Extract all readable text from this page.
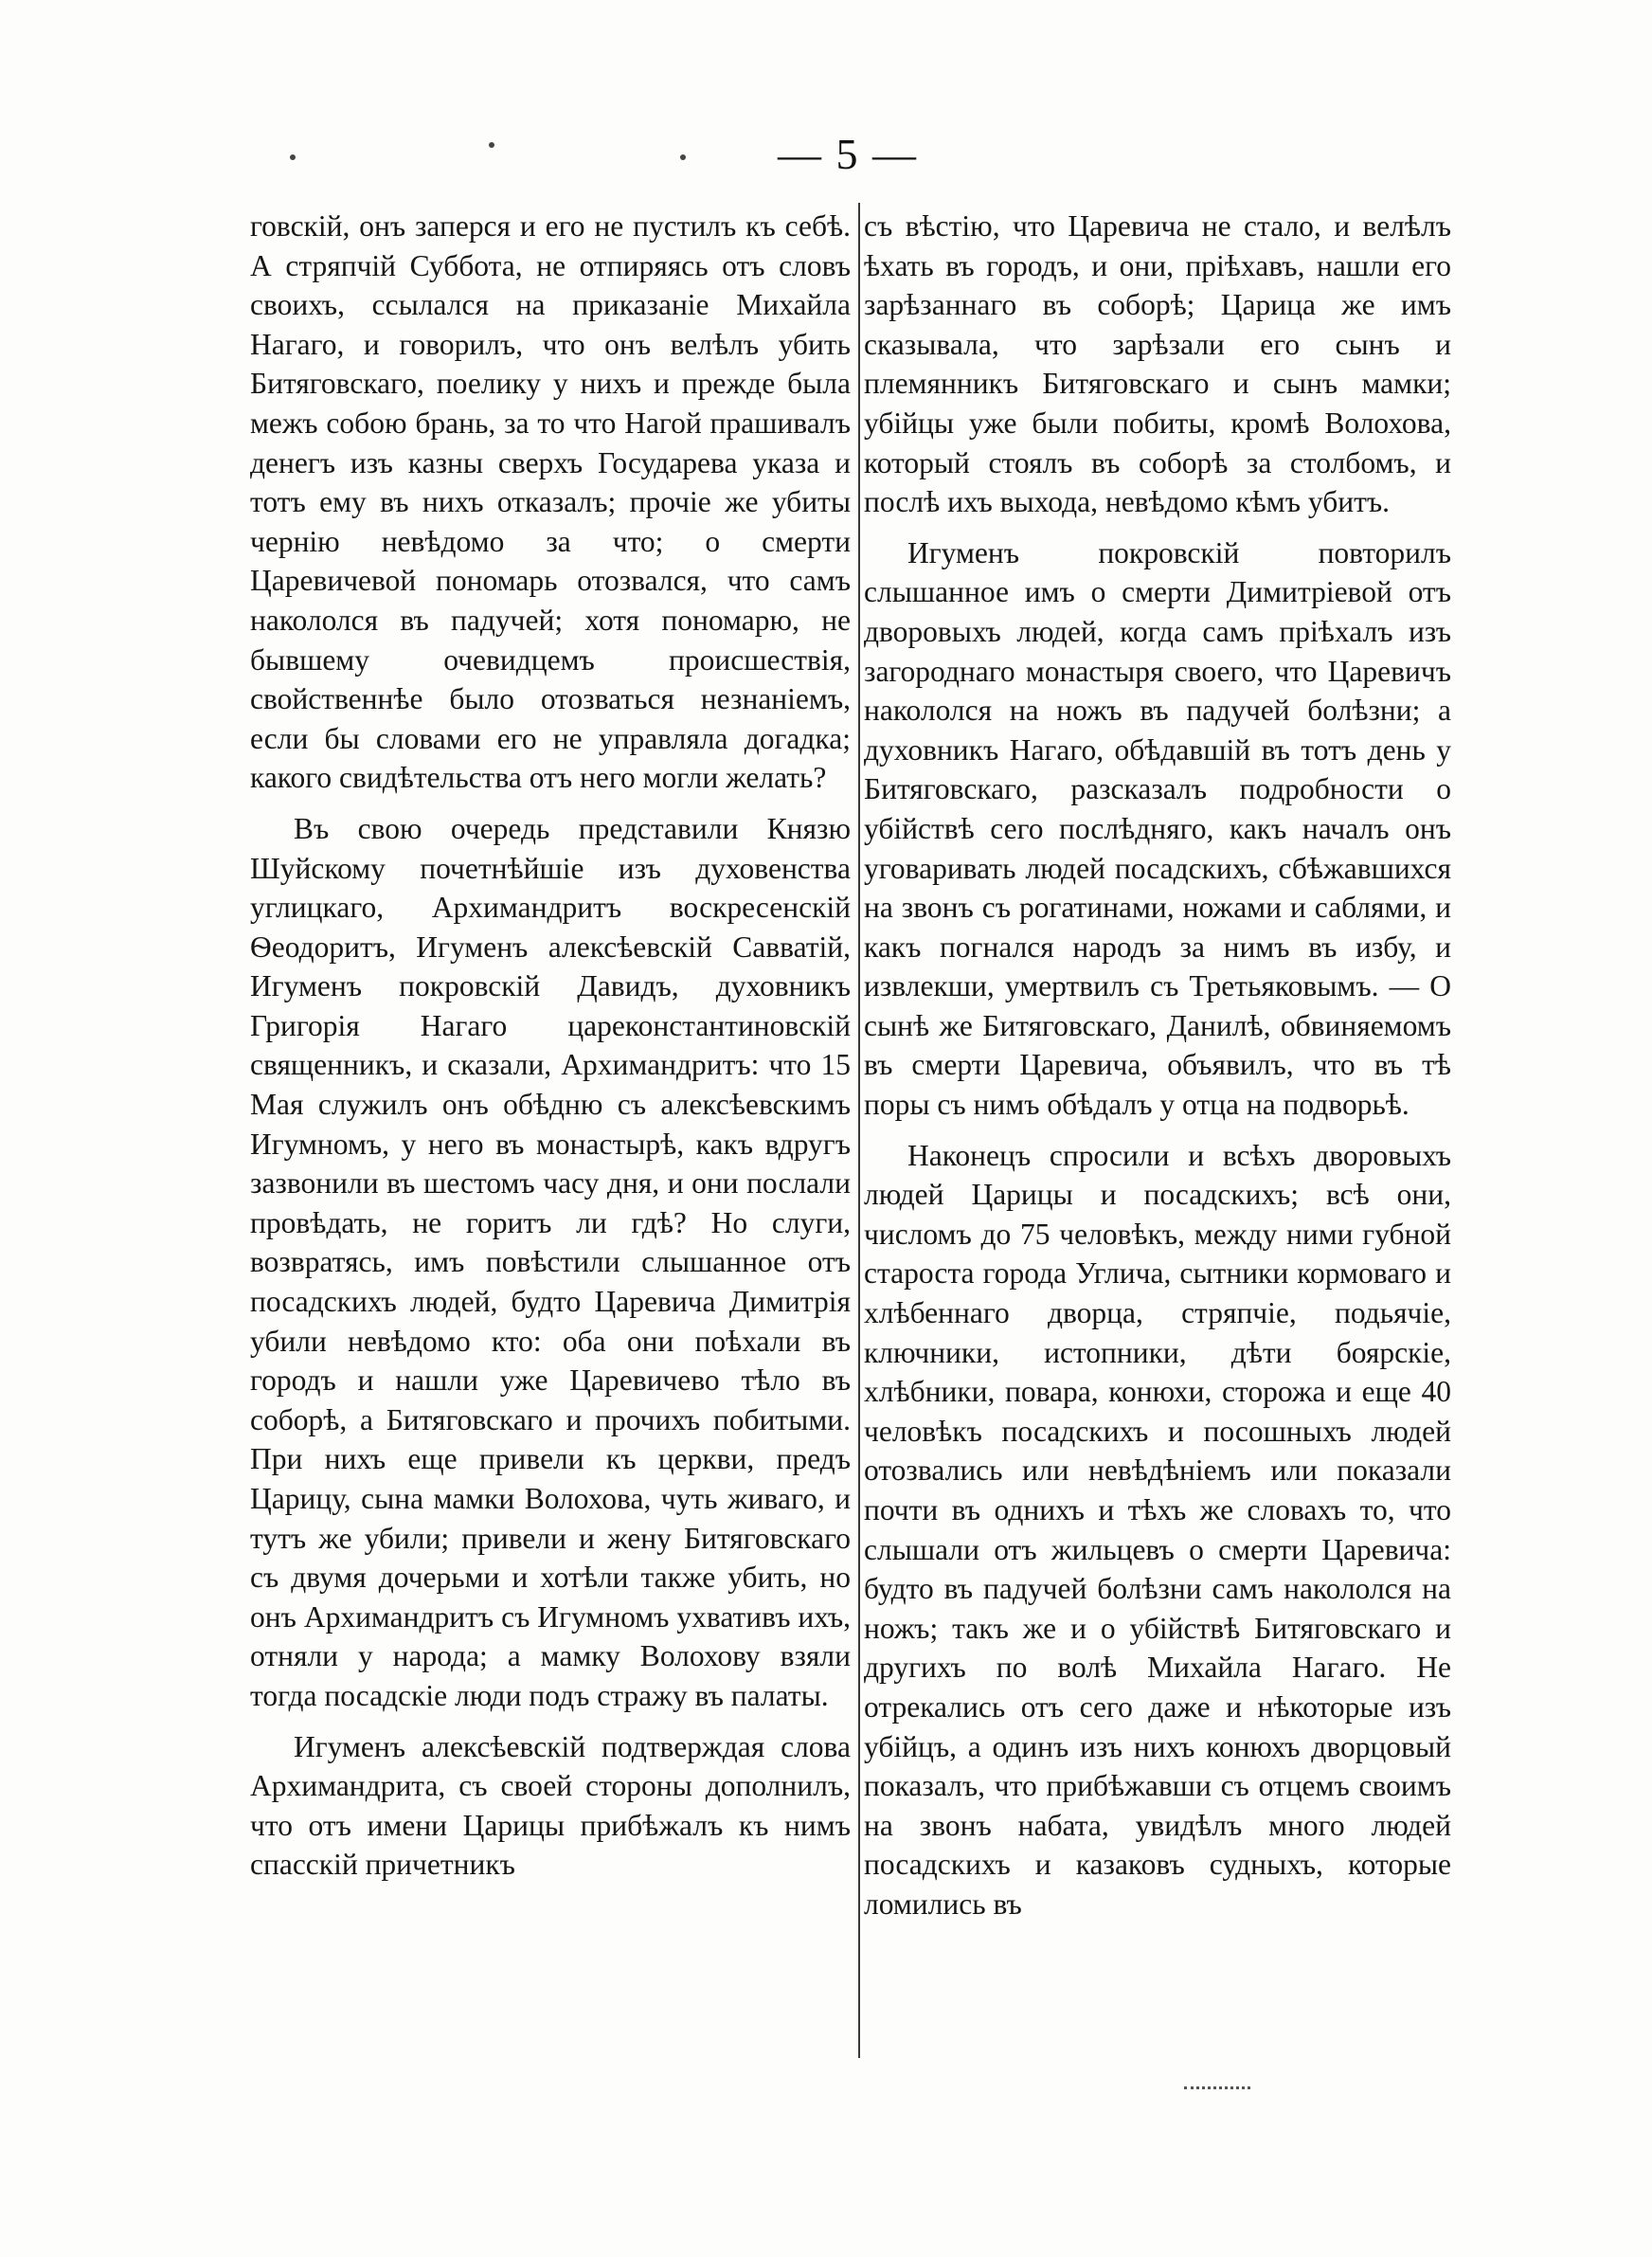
— 5 —

говскій, онъ заперся и его не пустилъ къ себѣ. А стряпчій Суббота, не отпиряясь отъ словъ своихъ, ссылался на приказаніе Михайла Нагаго, и говорилъ, что онъ велѣлъ убить Битяговскаго, поелику у нихъ и прежде была межъ собою брань, за то что Нагой прашивалъ денегъ изъ казны сверхъ Государева указа и тотъ ему въ нихъ отказалъ; прочіе же убиты чернію невѣдомо за что; о смерти Царевичевой пономарь отозвался, что самъ накололся въ падучей; хотя пономарю, не бывшему очевидцемъ происшествія, свойственнѣе было отозваться незнаніемъ, если бы словами его не управляла догадка; какого свидѣтельства отъ него могли желать?

Въ свою очередь представили Князю Шуйскому почетнѣйшіе изъ духовенства углицкаго, Архимандритъ воскресенскій Ѳеодоритъ, Игуменъ алексѣевскій Савватій, Игуменъ покровскій Давидъ, духовникъ Григорія Нагаго цареконстантиновскій священникъ, и сказали, Архимандритъ: что 15 Мая служилъ онъ обѣдню съ алексѣевскимъ Игумномъ, у него въ монастырѣ, какъ вдругъ зазвонили въ шестомъ часу дня, и они послали провѣдать, не горитъ ли гдѣ? Но слуги, возвратясь, имъ повѣстили слышанное отъ посадскихъ людей, будто Царевича Димитрія убили невѣдомо кто: оба они поѣхали въ городъ и нашли уже Царевичево тѣло въ соборѣ, а Битяговскаго и прочихъ побитыми. При нихъ еще привели къ церкви, предъ Царицу, сына мамки Волохова, чуть живаго, и тутъ же убили; привели и жену Битяговскаго съ двумя дочерьми и хотѣли также убить, но онъ Архимандритъ съ Игумномъ ухвативъ ихъ, отняли у народа; а мамку Волохову взяли тогда посадскіе люди подъ стражу въ палаты.

Игуменъ алексѣевскій подтверждая слова Архимандрита, съ своей стороны дополнилъ, что отъ имени Царицы прибѣжалъ къ нимъ спасскій причетникъ

съ вѣстію, что Царевича не стало, и велѣлъ ѣхать въ городъ, и они, пріѣхавъ, нашли его зарѣзаннаго въ соборѣ; Царица же имъ сказывала, что зарѣзали его сынъ и племянникъ Битяговскаго и сынъ мамки; убійцы уже были побиты, кромѣ Волохова, который стоялъ въ соборѣ за столбомъ, и послѣ ихъ выхода, невѣдомо кѣмъ убитъ.

Игуменъ покровскій повторилъ слышанное имъ о смерти Димитріевой отъ дворовыхъ людей, когда самъ пріѣхалъ изъ загороднаго монастыря своего, что Царевичъ накололся на ножъ въ падучей болѣзни; а духовникъ Нагаго, обѣдавшій въ тотъ день у Битяговскаго, разсказалъ подробности о убійствѣ сего послѣдняго, какъ началъ онъ уговаривать людей посадскихъ, сбѣжавшихся на звонъ съ рогатинами, ножами и саблями, и какъ погнался народъ за нимъ въ избу, и извлекши, умертвилъ съ Третьяковымъ. — О сынѣ же Битяговскаго, Данилѣ, обвиняемомъ въ смерти Царевича, объявилъ, что въ тѣ поры съ нимъ обѣдалъ у отца на подворьѣ.

Наконецъ спросили и всѣхъ дворовыхъ людей Царицы и посадскихъ; всѣ они, числомъ до 75 человѣкъ, между ними губной староста города Углича, сытники кормоваго и хлѣбеннаго дворца, стряпчіе, подьячіе, ключники, истопники, дѣти боярскіе, хлѣбники, повара, конюхи, сторожа и еще 40 человѣкъ посадскихъ и посошныхъ людей отозвались или невѣдѣніемъ или показали почти въ однихъ и тѣхъ же словахъ то, что слышали отъ жильцевъ о смерти Царевича: будто въ падучей болѣзни самъ накололся на ножъ; такъ же и о убійствѣ Битяговскаго и другихъ по волѣ Михайла Нагаго. Не отрекались отъ сего даже и нѣкоторые изъ убійцъ, а одинъ изъ нихъ конюхъ дворцовый показалъ, что прибѣжавши съ отцемъ своимъ на звонъ набата, увидѣлъ много людей посадскихъ и казаковъ судныхъ, которые ломились въ
